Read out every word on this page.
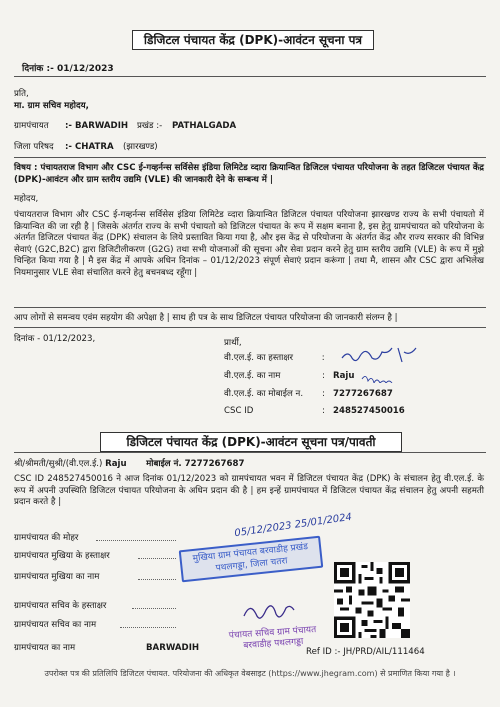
डिजिटल पंचायत केंद्र (DPK)-आवंटन सूचना पत्र
दिनांक :- 01/12/2023
प्रति,
मा. ग्राम सचिव महोदय,
ग्रामपंचायत :- BARWADIH प्रखंड :- PATHALGADA
जिला परिषद :- CHATRA (झारखण्ड)
विषय : पंचायतराज विभाग और CSC ई-गव्हर्नन्स सर्विसेस इंडिया लिमिटेड व्दारा क्रियान्वित डिजिटल पंचायत परियोजना के तहत डिजिटल पंचायत केंद्र (DPK)-आवंटन और ग्राम स्तरीय उद्यमि (VLE) की जानकारी देने के सम्बन्ध में |
महोदय,
पंचायतराज विभाग और CSC ई-गव्हर्नन्स सर्विसेस इंडिया लिमिटेड व्दारा क्रियान्वित डिजिटल पंचायत परियोजना झारखण्ड राज्य के सभी पंचायतो में क्रियान्वित की जा रही है | जिसके अंतर्गत राज्य के सभी पंचायतो को डिजिटल पंचायत के रूप में सक्षम बनाना है, इस हेतु ग्रामपंचायत को परियोजना के अंतर्गत डिजिटल पंचायत केंद्र (DPK) संचालन के लिये प्रस्तावित किया गया है, और इस केंद्र से परियोजना के अंतर्गत केंद्र और राज्य सरकार की विभिन्न सेवाएं (G2C,B2C) द्वारा डिजिटीलीकरण (G2G) तथा सभी योजनाओं की सूचना और सेवा प्रदान करने हेतु ग्राम स्तरीय उद्यमि (VLE) के रूप में मुझे चिन्हित किया गया है | मै इस केंद्र में आपके अधिन दिनांक – 01/12/2023 संपूर्ण सेवाएं प्रदान करूंगा | तथा मै, शासन और CSC द्वारा अभिलेख नियमानुसार VLE सेवा संचालित करने हेतु बचनबध्द रहूँगा |
आप लोगों से समन्वय एवंम सहयोग की अपेक्षा है | साथ ही पत्र के साथ डिजिटल पंचायत परियोजना की जानकारी संलग्न है |
दिनांक - 01/12/2023,	प्रार्थी,
वी.एल.ई. का हस्ताक्षर	:
वी.एल.ई. का नाम	: Raju
वी.एल.ई. का मोबाईल न. : 7277267687
CSC ID	: 248527450016
डिजिटल पंचायत केंद्र (DPK)-आवंटन सूचना पत्र/पावती
श्री/श्रीमती/सुश्री/(वी.एल.ई.) Raju मोबाईल नं. 7277267687
CSC ID 248527450016 ने आज दिनांक 01/12/2023 को ग्रामपंचायत भवन में डिजिटल पंचायत केंद्र (DPK) के संचालन हेतु वी.एल.ई. के रूप में अपनी उपस्थिति डिजिटल पंचायत परियोजना के अधिन प्रदान की है | हम इन्हें ग्रामपंचायत में डिजिटल पंचायत केंद्र संचालन हेतु अपनी सहमती प्रदान करते है |
ग्रामपंचायत की मोहर
ग्रामपंचायत मुखिया के हस्ताक्षर
ग्रामपंचायत मुखिया का नाम
ग्रामपंचायत सचिव के हस्ताक्षर
ग्रामपंचायत सचिव का नाम
ग्रामपंचायत का नाम	BARWADIH
05/12/2023 25/01/2024
मुखिया ग्राम पंचायत बरवाडीह प्रखंड पथलगड्डा, जिला चतरा
पंचायत सचिव ग्राम पंचायत बरवाडीह पथलगड्डा
Ref ID :- JH/PRD/AIL/111464
उपरोक्त पत्र की प्रतिलिपि डिजिटल पंचायत. परियोजना की अधिकृत वेबसाइट (https://www.jhegram.com) से प्रमाणित किया गया है ।
